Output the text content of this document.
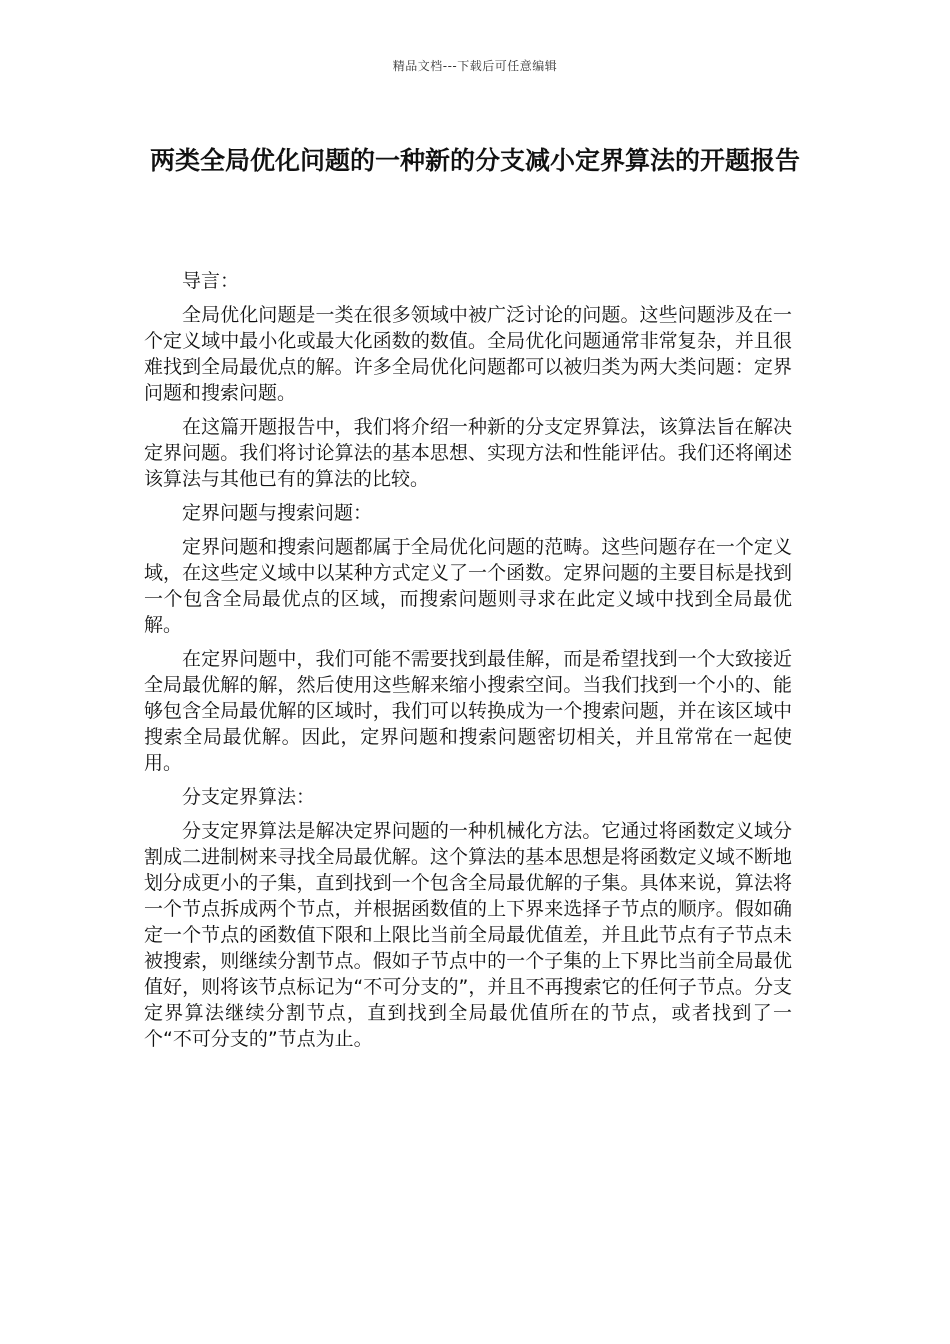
精品文档---下载后可任意编辑
两类全局优化问题的一种新的分支减小定界算法的开题报告

导言：

全局优化问题是一类在很多领域中被广泛讨论的问题。这些问题涉及在一个定义域中最小化或最大化函数的数值。全局优化问题通常非常复杂，并且很难找到全局最优点的解。许多全局优化问题都可以被归类为两大类问题：定界问题和搜索问题。

在这篇开题报告中，我们将介绍一种新的分支定界算法，该算法旨在解决定界问题。我们将讨论算法的基本思想、实现方法和性能评估。我们还将阐述该算法与其他已有的算法的比较。

定界问题与搜索问题：

定界问题和搜索问题都属于全局优化问题的范畴。这些问题存在一个定义域，在这些定义域中以某种方式定义了一个函数。定界问题的主要目标是找到一个包含全局最优点的区域，而搜索问题则寻求在此定义域中找到全局最优解。

在定界问题中，我们可能不需要找到最佳解，而是希望找到一个大致接近全局最优解的解，然后使用这些解来缩小搜索空间。当我们找到一个小的、能够包含全局最优解的区域时，我们可以转换成为一个搜索问题，并在该区域中搜索全局最优解。因此，定界问题和搜索问题密切相关，并且常常在一起使用。

分支定界算法：

分支定界算法是解决定界问题的一种机械化方法。它通过将函数定义域分割成二进制树来寻找全局最优解。这个算法的基本思想是将函数定义域不断地划分成更小的子集，直到找到一个包含全局最优解的子集。具体来说，算法将一个节点拆成两个节点，并根据函数值的上下界来选择子节点的顺序。假如确定一个节点的函数值下限和上限比当前全局最优值差，并且此节点有子节点未被搜索，则继续分割节点。假如子节点中的一个子集的上下界比当前全局最优值好，则将该节点标记为“不可分支的”，并且不再搜索它的任何子节点。分支定界算法继续分割节点，直到找到全局最优值所在的节点，或者找到了一个“不可分支的”节点为止。
